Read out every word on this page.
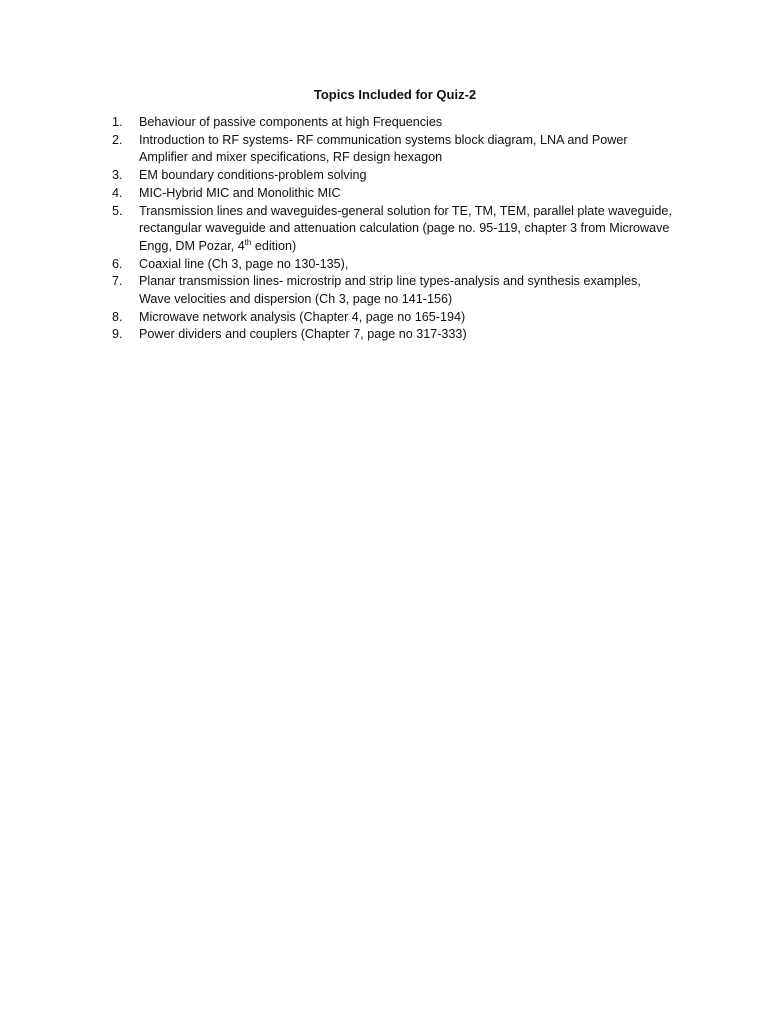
Topics Included for Quiz-2
1.	Behaviour of passive components at high Frequencies
2.	Introduction to RF systems- RF communication systems block diagram, LNA and Power Amplifier and mixer specifications, RF design hexagon
3.	EM boundary conditions-problem solving
4.	MIC-Hybrid MIC and Monolithic MIC
5.	Transmission lines and waveguides-general solution for TE, TM, TEM, parallel plate waveguide, rectangular waveguide and attenuation calculation (page no. 95-119, chapter 3 from Microwave Engg, DM Pozar, 4th edition)
6.	Coaxial line (Ch 3, page no 130-135),
7.	Planar transmission lines- microstrip and strip line types-analysis and synthesis examples, Wave velocities and dispersion (Ch 3, page no 141-156)
8.	Microwave network analysis (Chapter 4, page no 165-194)
9.	Power dividers and couplers (Chapter 7, page no 317-333)
